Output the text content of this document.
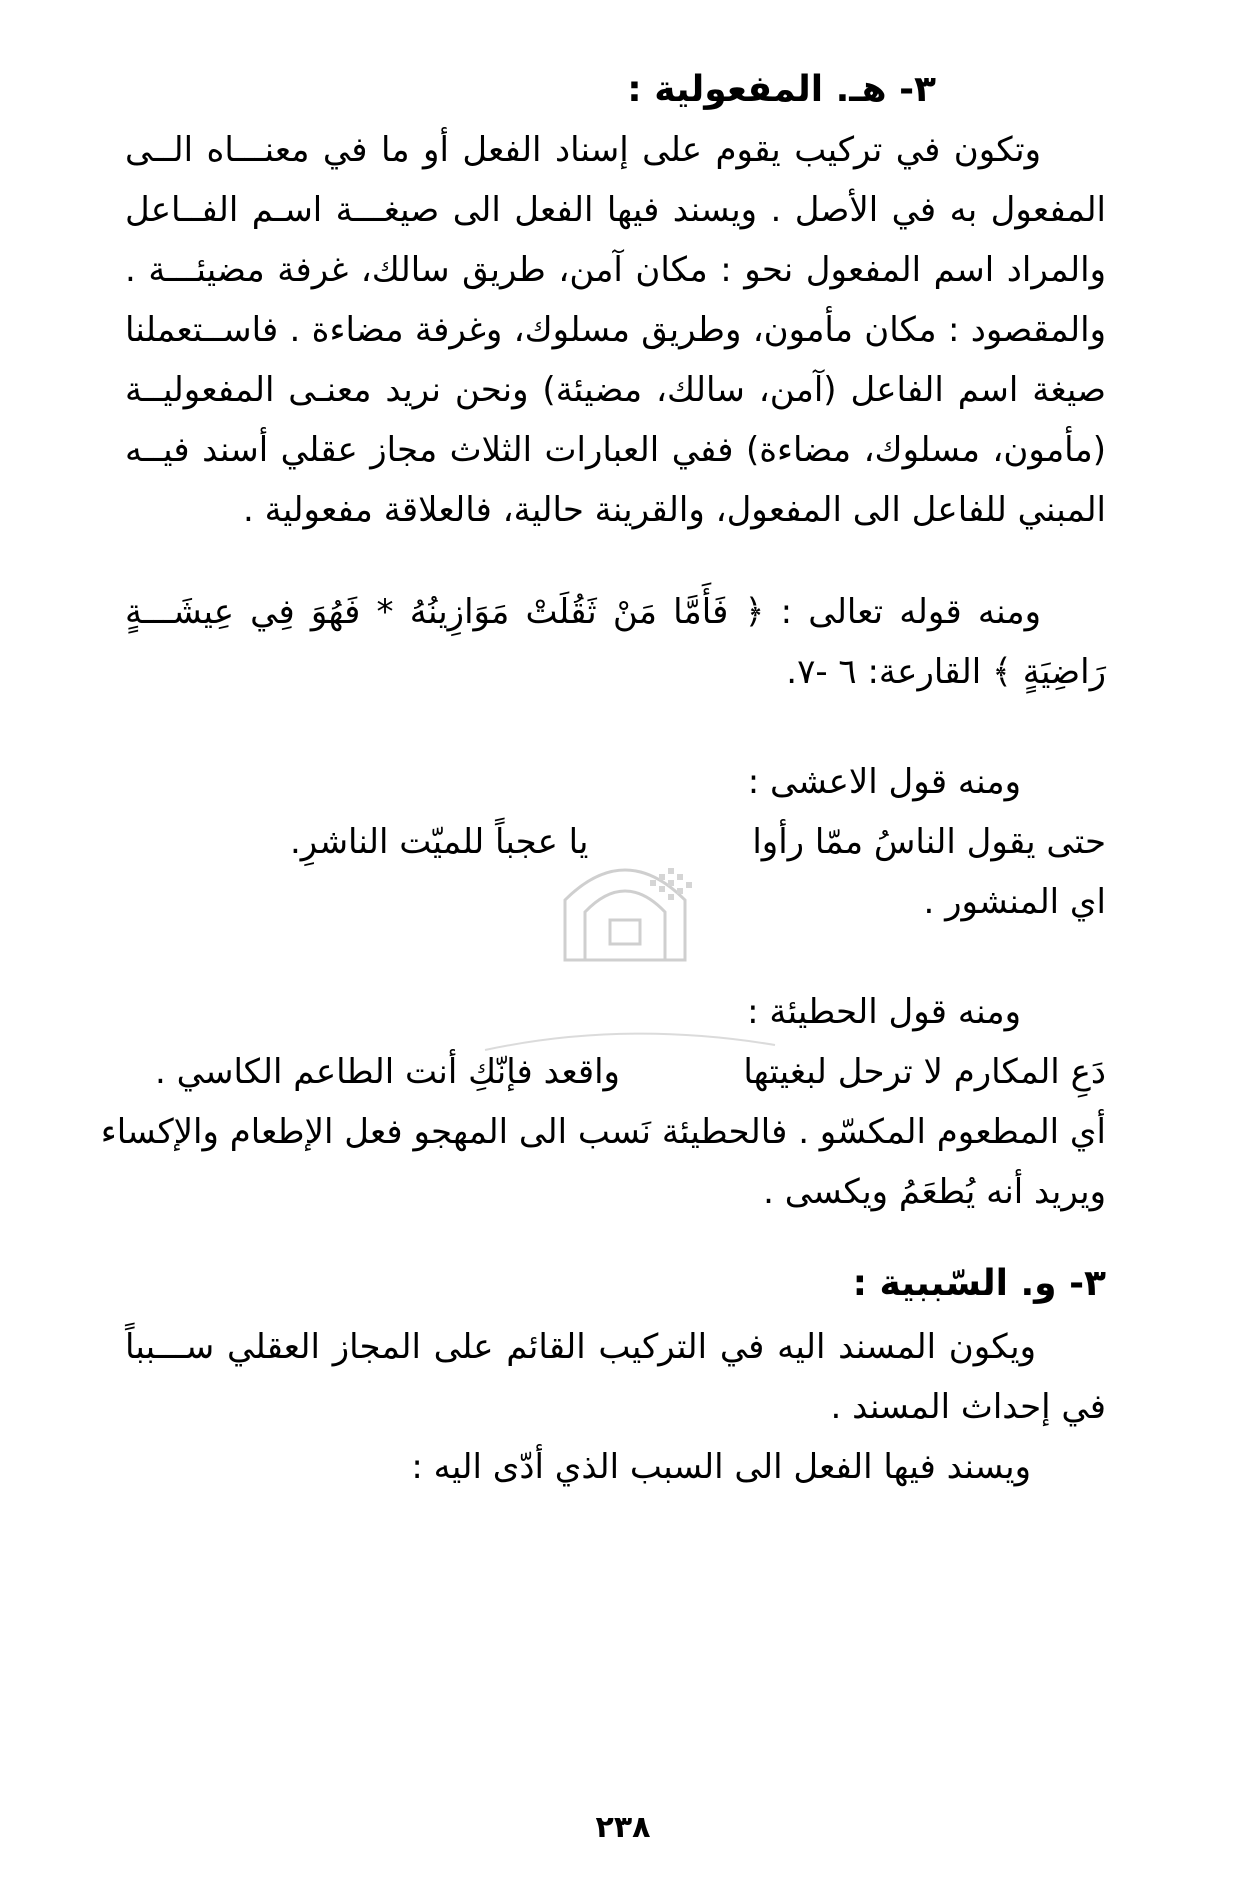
٣- هـ. المفعولية :
وتكون في تركيب يقوم على إسناد الفعل أو ما في معنـــاه الــى
المفعول به في الأصل . ويسند فيها الفعل الى صيغـــة اسـم الفــاعل
والمراد اسم المفعول نحو : مكان آمن، طريق سالك، غرفة مضيئـــة .
والمقصود : مكان مأمون، وطريق مسلوك، وغرفة مضاءة . فاســتعملنا
صيغة اسم الفاعل (آمن، سالك، مضيئة) ونحن نريد معنـى المفعوليــة
(مأمون، مسلوك، مضاءة) ففي العبارات الثلاث مجاز عقلي أسند فيــه
المبني للفاعل الى المفعول، والقرينة حالية، فالعلاقة مفعولية .
ومنه قوله تعالى : ﴿ فَأَمَّا مَنْ ثَقُلَتْ مَوَازِينُهُ * فَهُوَ فِي عِيشَـــةٍ
رَاضِيَةٍ ﴾ القارعة: ٦ -٧.
ومنه قول الاعشى :
حتى يقول الناسُ ممّا رأوا
يا عجباً للميّت الناشرِ.
اي المنشور .
ومنه قول الحطيئة :
دَعِ المكارم لا ترحل لبغيتها
واقعد فإنّكِ أنت الطاعم الكاسي .
أي المطعوم المكسّو . فالحطيئة نَسب الى المهجو فعل الإطعام والإكساء
ويريد أنه يُطعَمُ ويكسى .
٣- و. السّببية :
ويكون المسند اليه في التركيب القائم على المجاز العقلي ســـبباً
في إحداث المسند .
ويسند فيها الفعل الى السبب الذي أدّى اليه :
٢٣٨
